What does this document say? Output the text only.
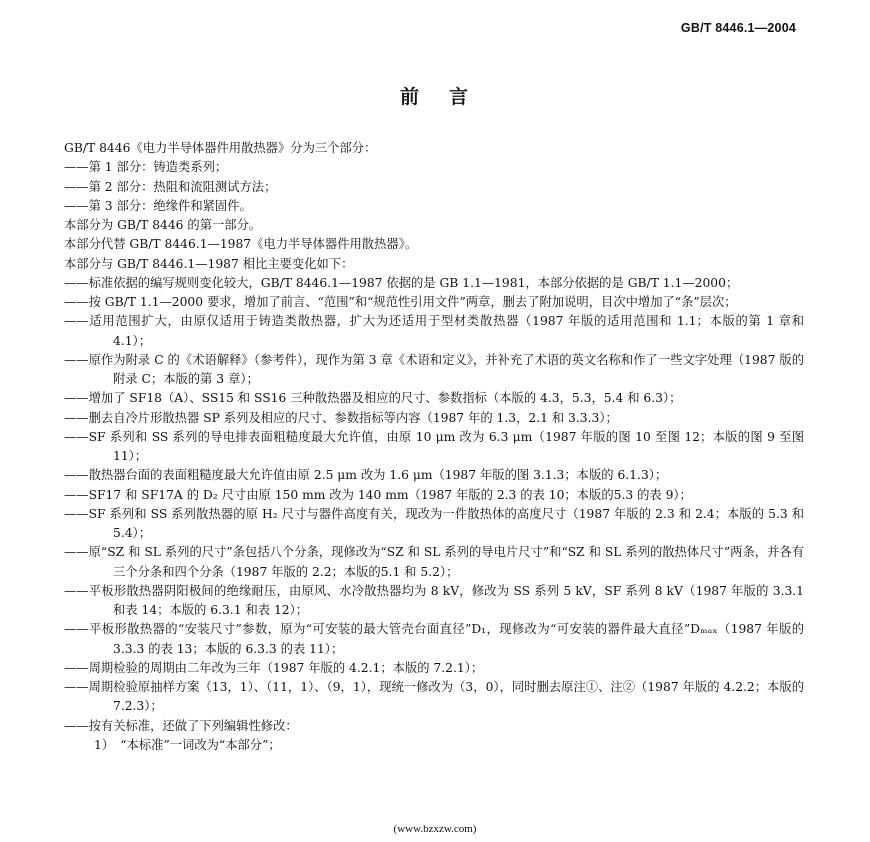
GB/T 8446.1—2004
前 言

GB/T 8446《电力半导体器件用散热器》分为三个部分：

——第 1 部分：铸造类系列；

——第 2 部分：热阻和流阻测试方法；

——第 3 部分：绝缘件和紧固件。

本部分为 GB/T 8446 的第一部分。

本部分代替 GB/T 8446.1—1987《电力半导体器件用散热器》。

本部分与 GB/T 8446.1—1987 相比主要变化如下：

——标准依据的编写规则变化较大，GB/T 8446.1—1987 依据的是 GB 1.1—1981，本部分依据的是 GB/T 1.1—2000；

——按 GB/T 1.1—2000 要求，增加了前言、“范围”和“规范性引用文件”两章，删去了附加说明，目次中增加了“条”层次；

——适用范围扩大，由原仅适用于铸造类散热器，扩大为还适用于型材类散热器（1987 年版的适用范围和 1.1；本版的第 1 章和 4.1）；

——原作为附录 C 的《术语解释》（参考件），现作为第 3 章《术语和定义》，并补充了术语的英文名称和作了一些文字处理（1987 版的附录 C；本版的第 3 章）；

——增加了 SF18（A）、SS15 和 SS16 三种散热器及相应的尺寸、参数指标（本版的 4.3，5.3，5.4 和 6.3）；

——删去自冷片形散热器 SP 系列及相应的尺寸、参数指标等内容（1987 年的 1.3，2.1 和 3.3.3）；

——SF 系列和 SS 系列的导电排表面粗糙度最大允许值，由原 10 μm 改为 6.3 μm（1987 年版的图 10 至图 12；本版的图 9 至图 11）；

——散热器台面的表面粗糙度最大允许值由原 2.5 μm 改为 1.6 μm（1987 年版的图 3.1.3；本版的 6.1.3）；

——SF17 和 SF17A 的 D₂ 尺寸由原 150 mm 改为 140 mm（1987 年版的 2.3 的表 10；本版的5.3 的表 9）；

——SF 系列和 SS 系列散热器的原 H₂ 尺寸与器件高度有关，现改为一件散热体的高度尺寸（1987 年版的 2.3 和 2.4；本版的 5.3 和 5.4）；

——原“SZ 和 SL 系列的尺寸”条包括八个分条，现修改为“SZ 和 SL 系列的导电片尺寸”和“SZ 和 SL 系列的散热体尺寸”两条，并各有三个分条和四个分条（1987 年版的 2.2；本版的5.1 和 5.2）；

——平板形散热器阴阳极间的绝缘耐压，由原风、水冷散热器均为 8 kV，修改为 SS 系列 5 kV，SF 系列 8 kV（1987 年版的 3.3.1 和表 14；本版的 6.3.1 和表 12）；

——平板形散热器的“安装尺寸”参数，原为“可安装的最大管壳台面直径”D₁，现修改为“可安装的器件最大直径”Dₘₐₓ（1987 年版的 3.3.3 的表 13；本版的 6.3.3 的表 11）；

——周期检验的周期由二年改为三年（1987 年版的 4.2.1；本版的 7.2.1）；

——周期检验原抽样方案（13，1）、（11，1）、（9，1），现统一修改为（3，0），同时删去原注①、注②（1987 年版的 4.2.2；本版的 7.2.3）；

——按有关标准，还做了下列编辑性修改：

1）　“本标准”一词改为“本部分”；

(www.bzxzw.com)
